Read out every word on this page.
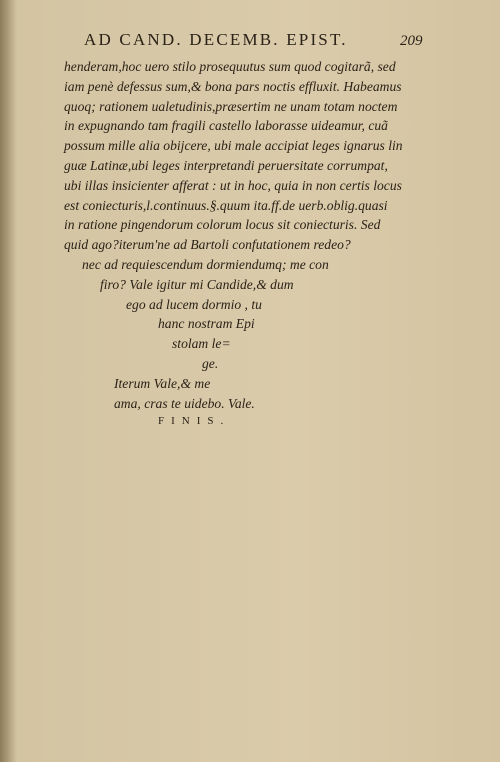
AD CAND. DECEMB. EPIST.	209
henderam,hoc uero stilo prosequutus sum quod cogitarã, sed
iam penè defessus sum,& bona pars noctis effluxit. Habeamus
quoq; rationem ualetudinis,præsertim ne unam totam noctem
in expugnando tam fragili castello laborasse uideamur, cuã
possum mille alia obijcere, ubi male accipiat leges ignarus lin
guæ Latinæ,ubi leges interpretandi peruersitate corrumpat,
ubi illas insicienter afferat : ut in hoc, quia in non certis locus
est coniecturis,l.continuus.§.quum ita.ff.de uerb.oblig.quasi
in ratione pingendorum colorum locus sit coniecturis. Sed
quid ago?iterum'ne ad Bartoli confutationem redeo?
nec ad requiescendum dormiendumq; me con
firo? Vale igitur mi Candide,& dum
ego ad lucem dormio , tu
hanc nostram Epi
stolam le=
ge.
Iterum Vale,& me
ama, cras te uidebo. Vale.
FINIS.
